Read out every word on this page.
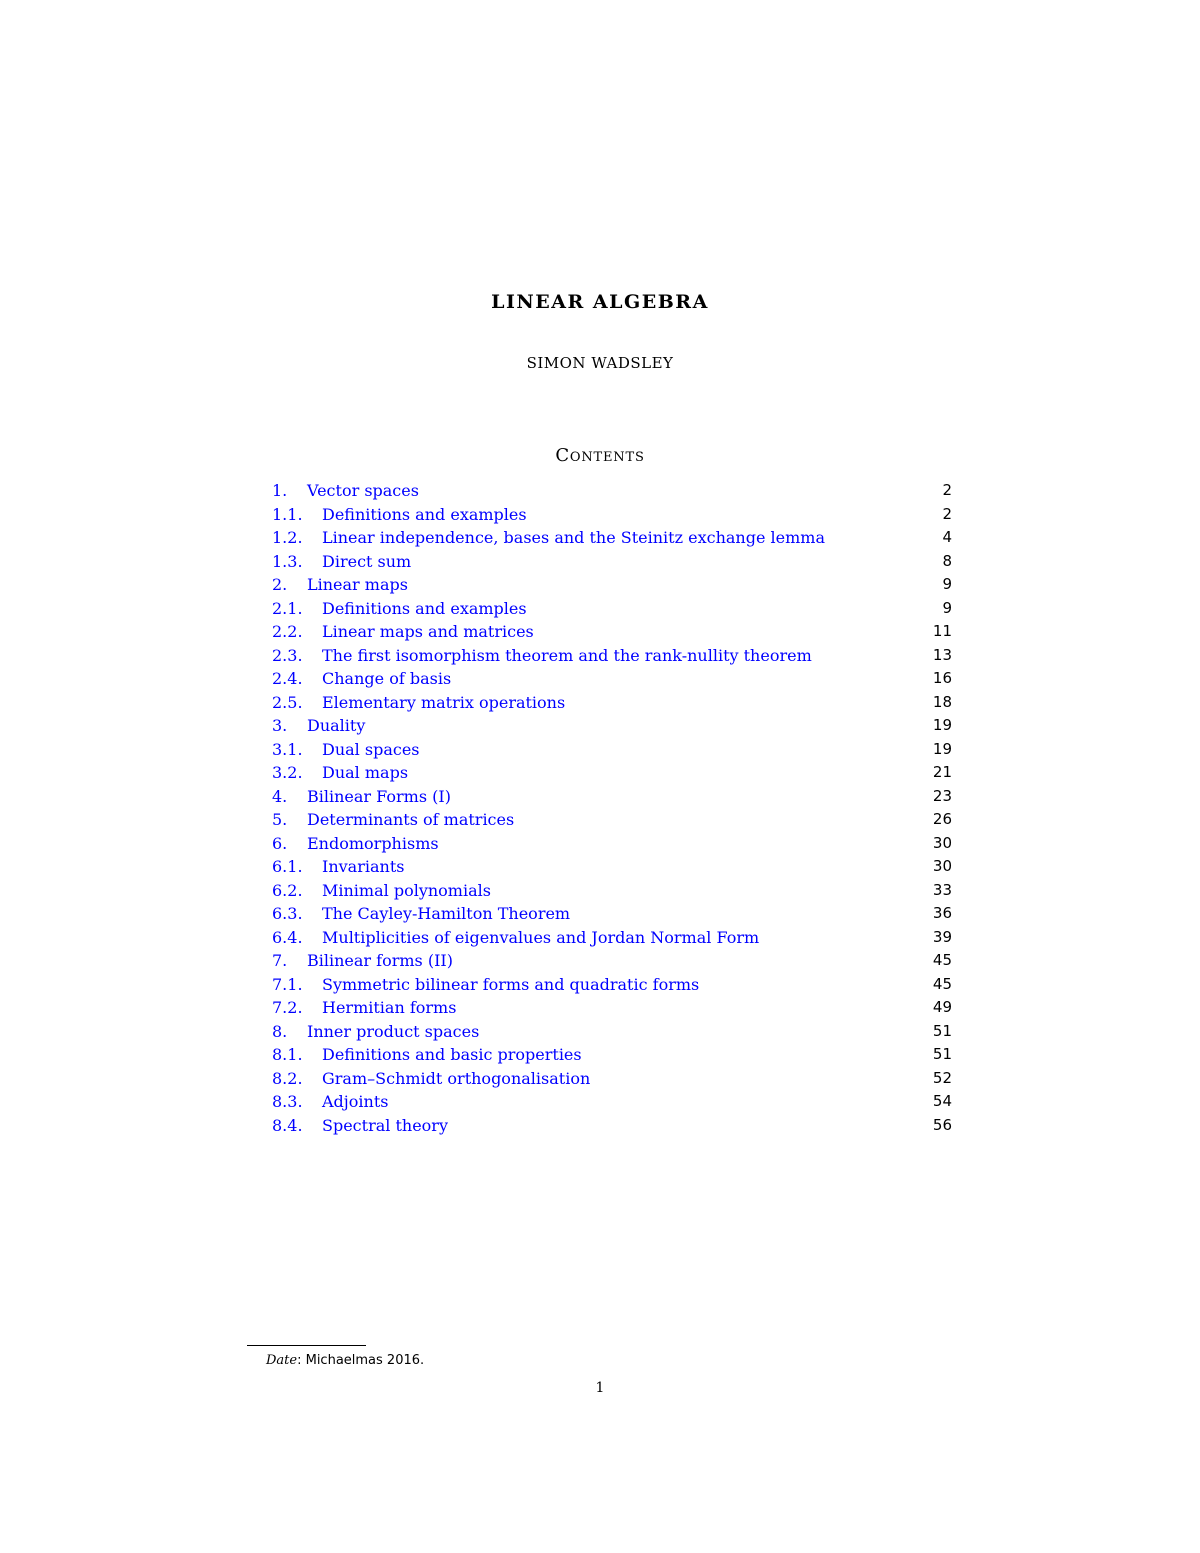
LINEAR ALGEBRA
SIMON WADSLEY
Contents
1. Vector spaces	2
1.1. Definitions and examples	2
1.2. Linear independence, bases and the Steinitz exchange lemma	4
1.3. Direct sum	8
2. Linear maps	9
2.1. Definitions and examples	9
2.2. Linear maps and matrices	11
2.3. The first isomorphism theorem and the rank-nullity theorem	13
2.4. Change of basis	16
2.5. Elementary matrix operations	18
3. Duality	19
3.1. Dual spaces	19
3.2. Dual maps	21
4. Bilinear Forms (I)	23
5. Determinants of matrices	26
6. Endomorphisms	30
6.1. Invariants	30
6.2. Minimal polynomials	33
6.3. The Cayley-Hamilton Theorem	36
6.4. Multiplicities of eigenvalues and Jordan Normal Form	39
7. Bilinear forms (II)	45
7.1. Symmetric bilinear forms and quadratic forms	45
7.2. Hermitian forms	49
8. Inner product spaces	51
8.1. Definitions and basic properties	51
8.2. Gram–Schmidt orthogonalisation	52
8.3. Adjoints	54
8.4. Spectral theory	56
Date: Michaelmas 2016.
1
